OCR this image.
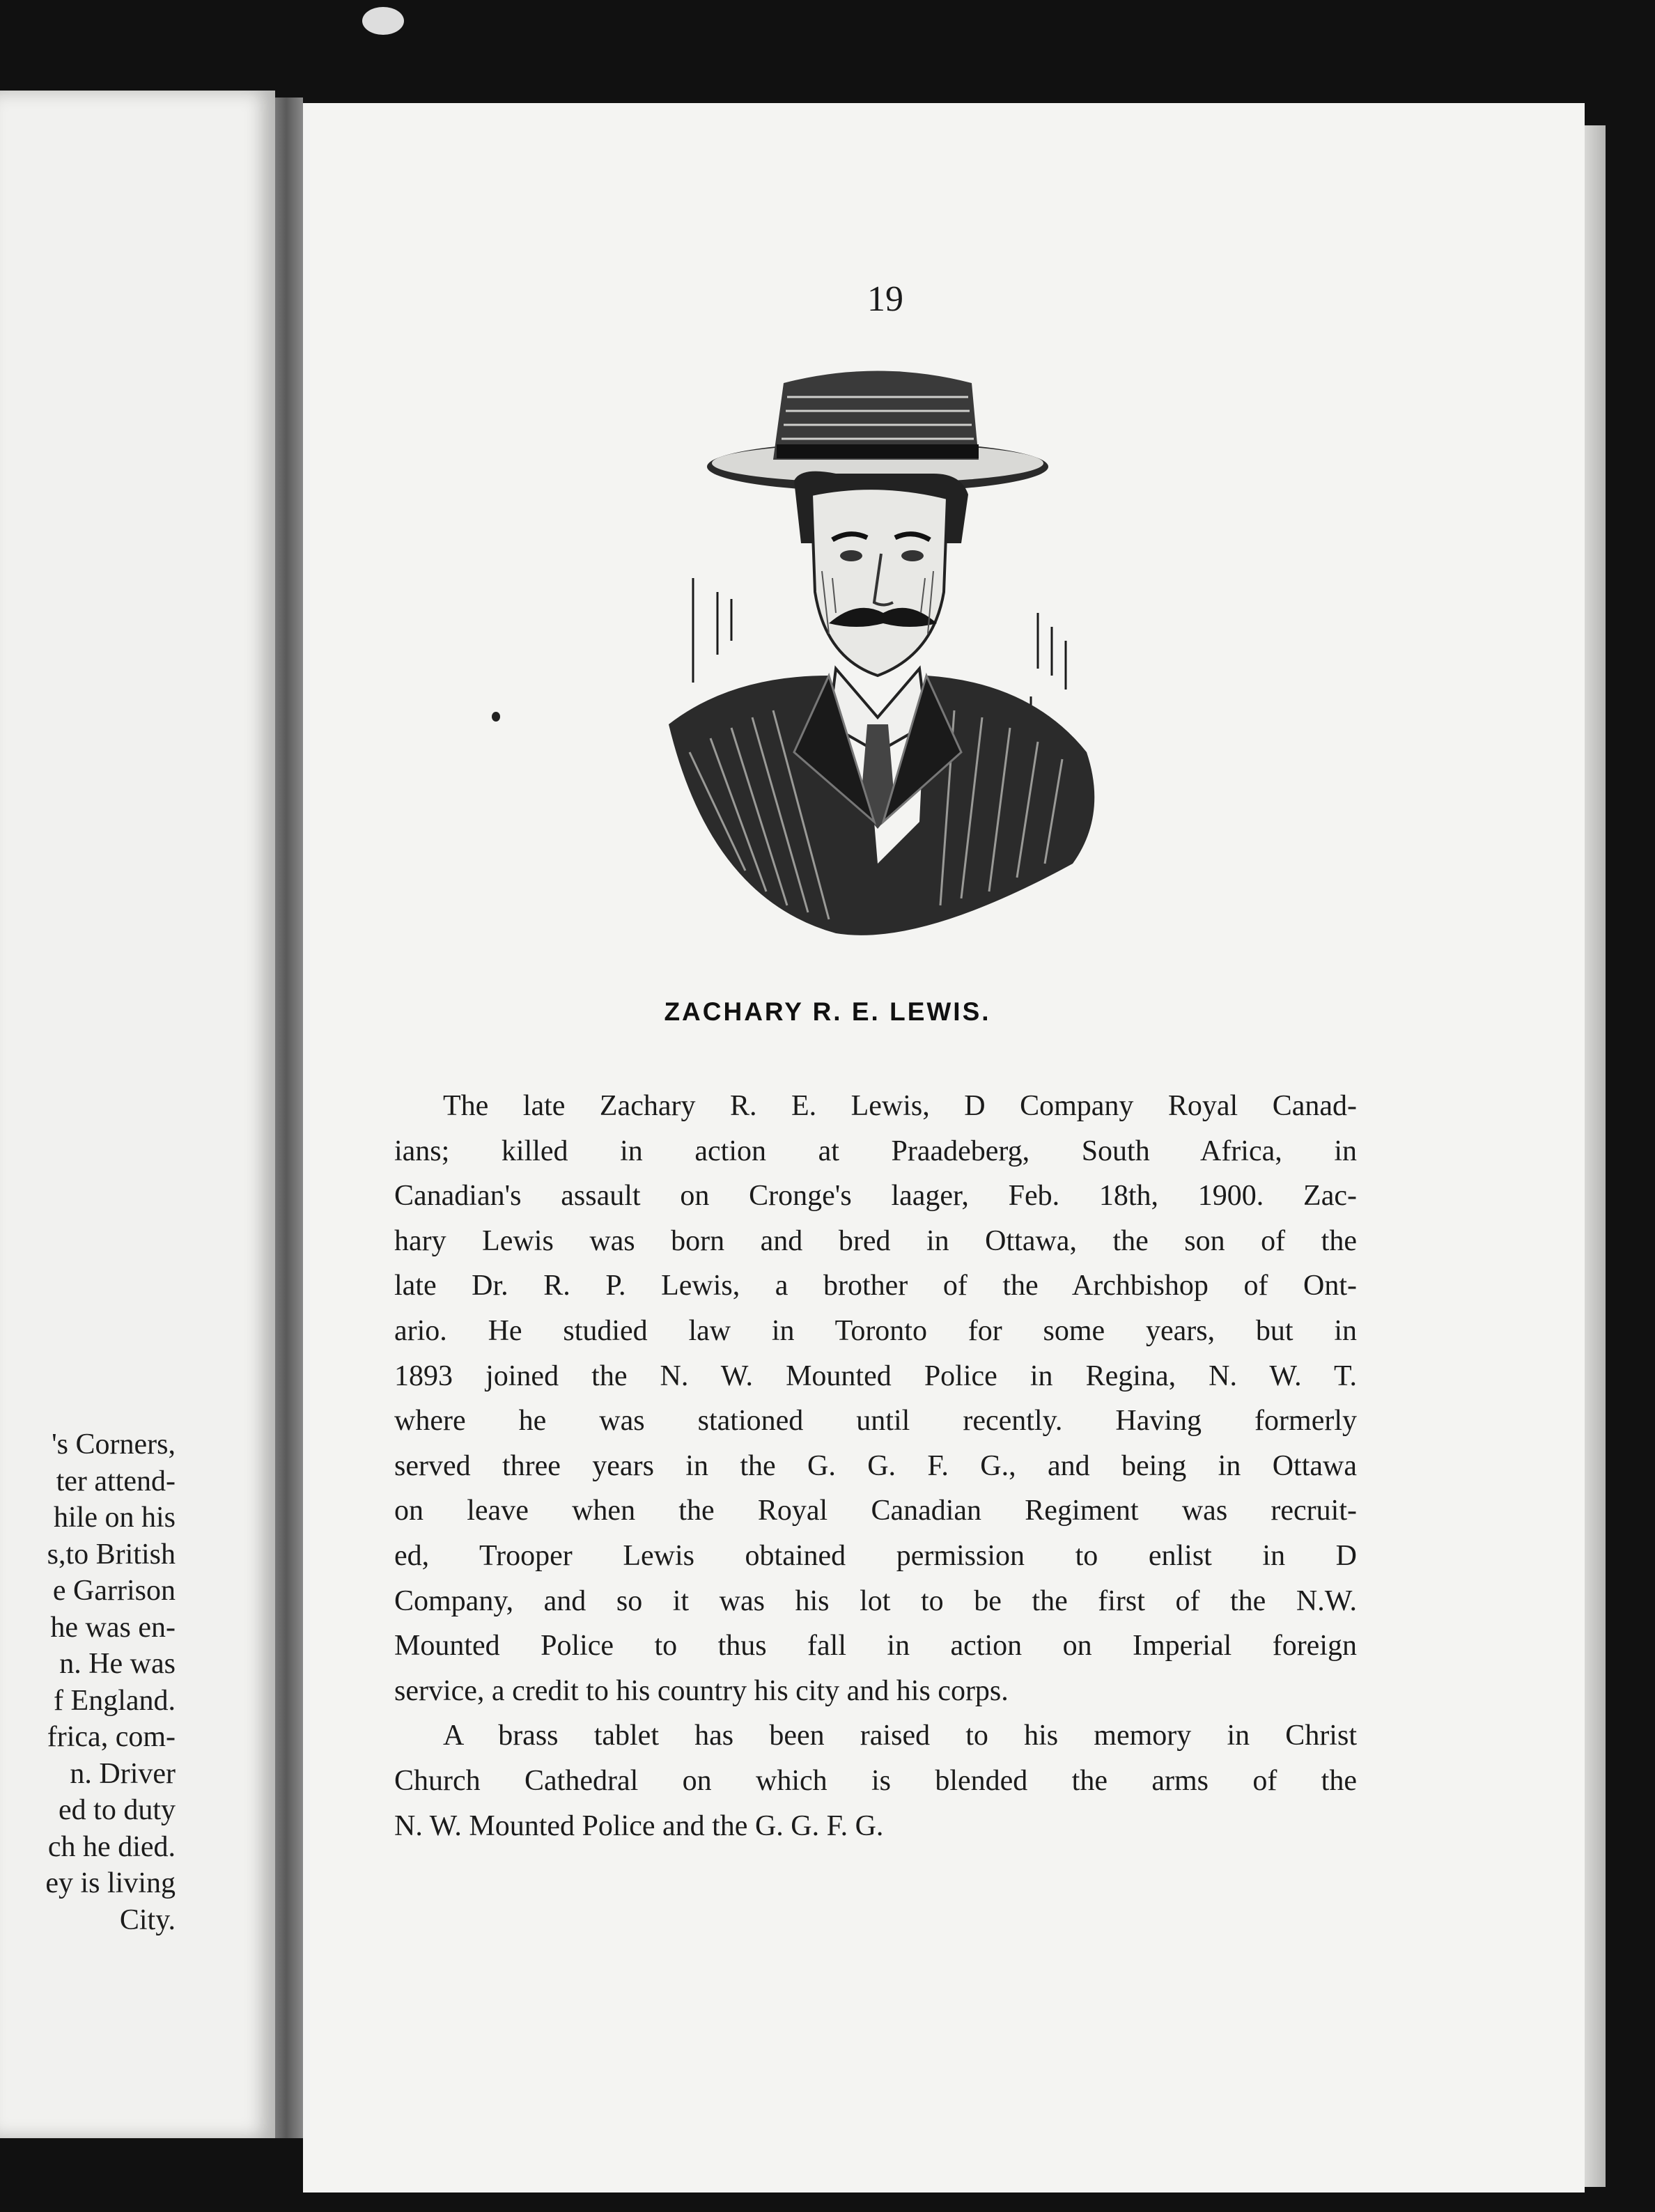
's Corners,
ter attend-
hile on his
s,to British
e Garrison
he was en-
n. He was
f England.
frica, com-
n. Driver
ed to duty
ch he died.
ey is living
City.
19
ZACHARY R. E. LEWIS.
The late Zachary R. E. Lewis, D Company Royal Canad-
ians; killed in action at Praadeberg, South Africa, in
Canadian's assault on Cronge's laager, Feb. 18th, 1900. Zac-
hary Lewis was born and bred in Ottawa, the son of the
late Dr. R. P. Lewis, a brother of the Archbishop of Ont-
ario. He studied law in Toronto for some years, but in
1893 joined the N. W. Mounted Police in Regina, N. W. T.
where he was stationed until recently. Having formerly
served three years in the G. G. F. G., and being in Ottawa
on leave when the Royal Canadian Regiment was recruit-
ed, Trooper Lewis obtained permission to enlist in D
Company, and so it was his lot to be the first of the N.W.
Mounted Police to thus fall in action on Imperial foreign
service, a credit to his country his city and his corps.
A brass tablet has been raised to his memory in Christ
Church Cathedral on which is blended the arms of the
N. W. Mounted Police and the G. G. F. G.
